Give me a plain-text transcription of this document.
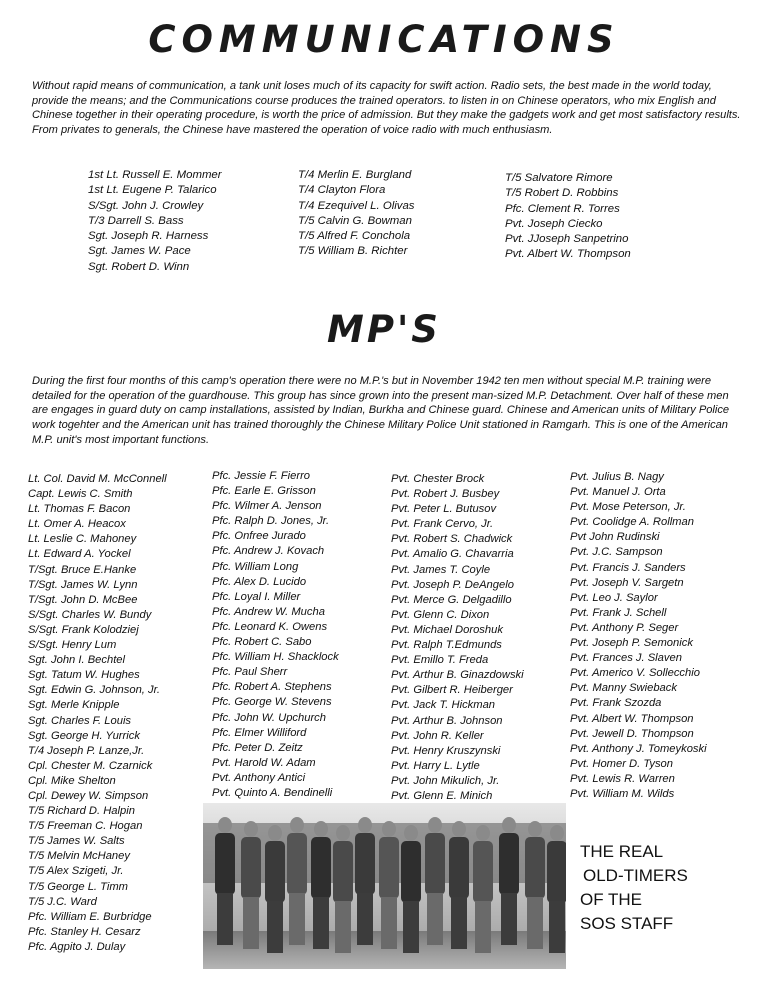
COMMUNICATIONS
Without rapid means of communication, a tank unit loses much of its capacity for swift action. Radio sets, the best made in the world today, provide the means; and the Communications course produces the trained operators. to listen in on Chinese operators, who mix English and Chinese together in their operating procedure, is worth the price of admission. But they make the gadgets work and get most satisfactory results. From privates to generals, the Chinese have mastered the operation of voice radio with much enthusiasm.
1st Lt. Russell E. Mommer
1st Lt. Eugene P. Talarico
S/Sgt. John J. Crowley
T/3 Darrell S. Bass
Sgt. Joseph R. Harness
Sgt. James W. Pace
Sgt. Robert D. Winn
T/4 Merlin E. Burgland
T/4 Clayton Flora
T/4 Ezequivel L. Olivas
T/5 Calvin G. Bowman
T/5 Alfred F. Conchola
T/5 William B. Richter
T/5 Salvatore Rimore
T/5 Robert D. Robbins
Pfc. Clement R. Torres
Pvt. Joseph Ciecko
Pvt. JJoseph Sanpetrino
Pvt. Albert W. Thompson
MP'S
During the first four months of this camp's operation there were no M.P.'s but in November 1942 ten men without special M.P. training were detailed for the operation of the guardhouse. This group has since grown into the present man-sized M.P. Detachment. Over half of these men are engages in guard duty on camp installations, assisted by Indian, Burkha and Chinese guard. Chinese and American units of Military Police work togehter and the American unit has trained thoroughly the Chinese Military Police Unit stationed in Ramgarh. This is one of the American M.P. unit's most important functions.
Lt. Col. David M. McConnell
Capt. Lewis C. Smith
Lt. Thomas F. Bacon
Lt. Omer A. Heacox
Lt. Leslie C. Mahoney
Lt. Edward A. Yockel
T/Sgt. Bruce E.Hanke
T/Sgt. James W. Lynn
T/Sgt. John D. McBee
S/Sgt. Charles W. Bundy
S/Sgt. Frank Kolodziej
S/Sgt. Henry Lum
Sgt. John I. Bechtel
Sgt. Tatum W. Hughes
Sgt. Edwin G. Johnson, Jr.
Sgt. Merle Knipple
Sgt. Charles F. Louis
Sgt. George H. Yurrick
T/4 Joseph P. Lanze,Jr.
Cpl. Chester M. Czarnick
Cpl. Mike Shelton
Cpl. Dewey W. Simpson
T/5 Richard D. Halpin
T/5 Freeman C. Hogan
T/5 James W. Salts
T/5 Melvin McHaney
T/5 Alex Szigeti, Jr.
T/5 George L. Timm
T/5 J.C. Ward
Pfc. William E. Burbridge
Pfc. Stanley H. Cesarz
Pfc. Agpito J. Dulay
Pfc. Jessie F. Fierro
Pfc. Earle E. Grisson
Pfc. Wilmer A. Jenson
Pfc. Ralph D. Jones, Jr.
Pfc. Onfree Jurado
Pfc. Andrew J. Kovach
Pfc. William Long
Pfc. Alex D. Lucido
Pfc. Loyal I. Miller
Pfc. Andrew W. Mucha
Pfc. Leonard K. Owens
Pfc. Robert C. Sabo
Pfc. William H. Shacklock
Pfc. Paul Sherr
Pfc. Robert A. Stephens
Pfc. George W. Stevens
Pfc. John W. Upchurch
Pfc. Elmer Williford
Pfc. Peter D. Zeitz
Pvt. Harold W. Adam
Pvt. Anthony Antici
Pvt. Quinto A. Bendinelli
Pvt. Chester Brock
Pvt. Robert J. Busbey
Pvt. Peter L. Butusov
Pvt. Frank Cervo, Jr.
Pvt. Robert S. Chadwick
Pvt. Amalio G. Chavarria
Pvt. James T. Coyle
Pvt. Joseph P. DeAngelo
Pvt. Merce G. Delgadillo
Pvt. Glenn C. Dixon
Pvt. Michael Doroshuk
Pvt. Ralph T.Edmunds
Pvt. Emillo T. Freda
Pvt. Arthur B. Ginazdowski
Pvt. Gilbert R. Heiberger
Pvt. Jack T. Hickman
Pvt. Arthur B. Johnson
Pvt. John R. Keller
Pvt. Henry Kruszynski
Pvt. Harry L. Lytle
Pvt. John Mikulich, Jr.
Pvt. Glenn E. Minich
Pvt. Julius B. Nagy
Pvt. Manuel J. Orta
Pvt. Mose Peterson, Jr.
Pvt. Coolidge A. Rollman
Pvt John Rudinski
Pvt. J.C. Sampson
Pvt. Francis J. Sanders
Pvt. Joseph V. Sargetn
Pvt. Leo J. Saylor
Pvt. Frank J. Schell
Pvt. Anthony P. Seger
Pvt. Joseph P. Semonick
Pvt. Frances J. Slaven
Pvt. Americo V. Sollecchio
Pvt. Manny Swieback
Pvt. Frank Szozda
Pvt. Albert W. Thompson
Pvt. Jewell D. Thompson
Pvt. Anthony J. Tomeykoski
Pvt. Homer D. Tyson
Pvt. Lewis R. Warren
Pvt. William M. Wilds
THE REAL
OLD-TIMERS
OF THE
SOS STAFF
